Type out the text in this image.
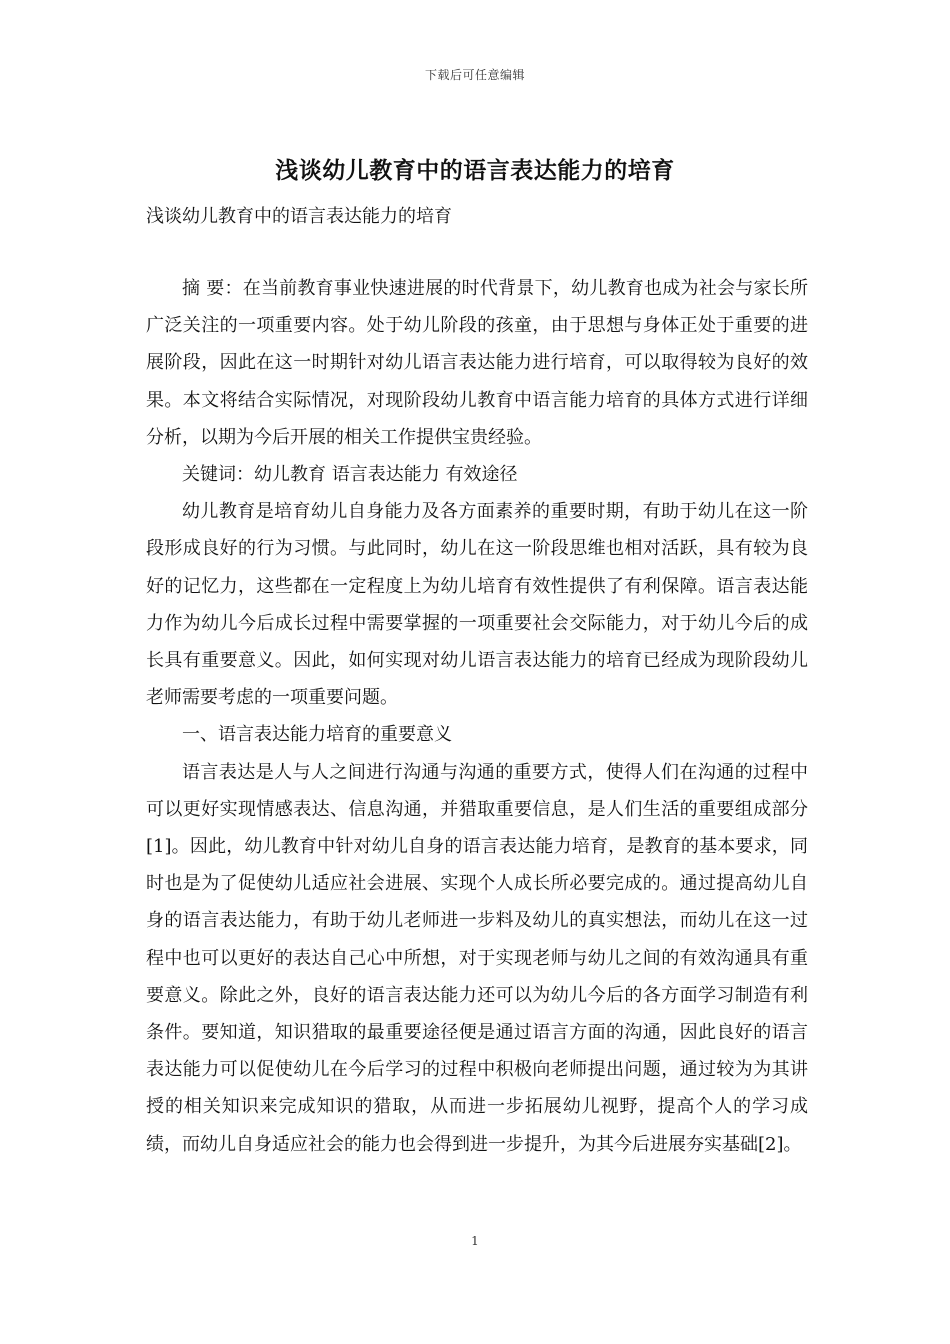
下载后可任意编辑
浅谈幼儿教育中的语言表达能力的培育
浅谈幼儿教育中的语言表达能力的培育

摘 要：在当前教育事业快速进展的时代背景下，幼儿教育也成为社会与家长所广泛关注的一项重要内容。处于幼儿阶段的孩童，由于思想与身体正处于重要的进展阶段，因此在这一时期针对幼儿语言表达能力进行培育，可以取得较为良好的效果。本文将结合实际情况，对现阶段幼儿教育中语言能力培育的具体方式进行详细分析，以期为今后开展的相关工作提供宝贵经验。

关键词：幼儿教育 语言表达能力 有效途径

幼儿教育是培育幼儿自身能力及各方面素养的重要时期，有助于幼儿在这一阶段形成良好的行为习惯。与此同时，幼儿在这一阶段思维也相对活跃，具有较为良好的记忆力，这些都在一定程度上为幼儿培育有效性提供了有利保障。语言表达能力作为幼儿今后成长过程中需要掌握的一项重要社会交际能力，对于幼儿今后的成长具有重要意义。因此，如何实现对幼儿语言表达能力的培育已经成为现阶段幼儿老师需要考虑的一项重要问题。

一、语言表达能力培育的重要意义

语言表达是人与人之间进行沟通与沟通的重要方式，使得人们在沟通的过程中可以更好实现情感表达、信息沟通，并猎取重要信息，是人们生活的重要组成部分[1]。因此，幼儿教育中针对幼儿自身的语言表达能力培育，是教育的基本要求，同时也是为了促使幼儿适应社会进展、实现个人成长所必要完成的。通过提高幼儿自身的语言表达能力，有助于幼儿老师进一步料及幼儿的真实想法，而幼儿在这一过程中也可以更好的表达自己心中所想，对于实现老师与幼儿之间的有效沟通具有重要意义。除此之外，良好的语言表达能力还可以为幼儿今后的各方面学习制造有利条件。要知道，知识猎取的最重要途径便是通过语言方面的沟通，因此良好的语言表达能力可以促使幼儿在今后学习的过程中积极向老师提出问题，通过较为为其讲授的相关知识来完成知识的猎取，从而进一步拓展幼儿视野，提高个人的学习成绩，而幼儿自身适应社会的能力也会得到进一步提升，为其今后进展夯实基础[2]。

1
